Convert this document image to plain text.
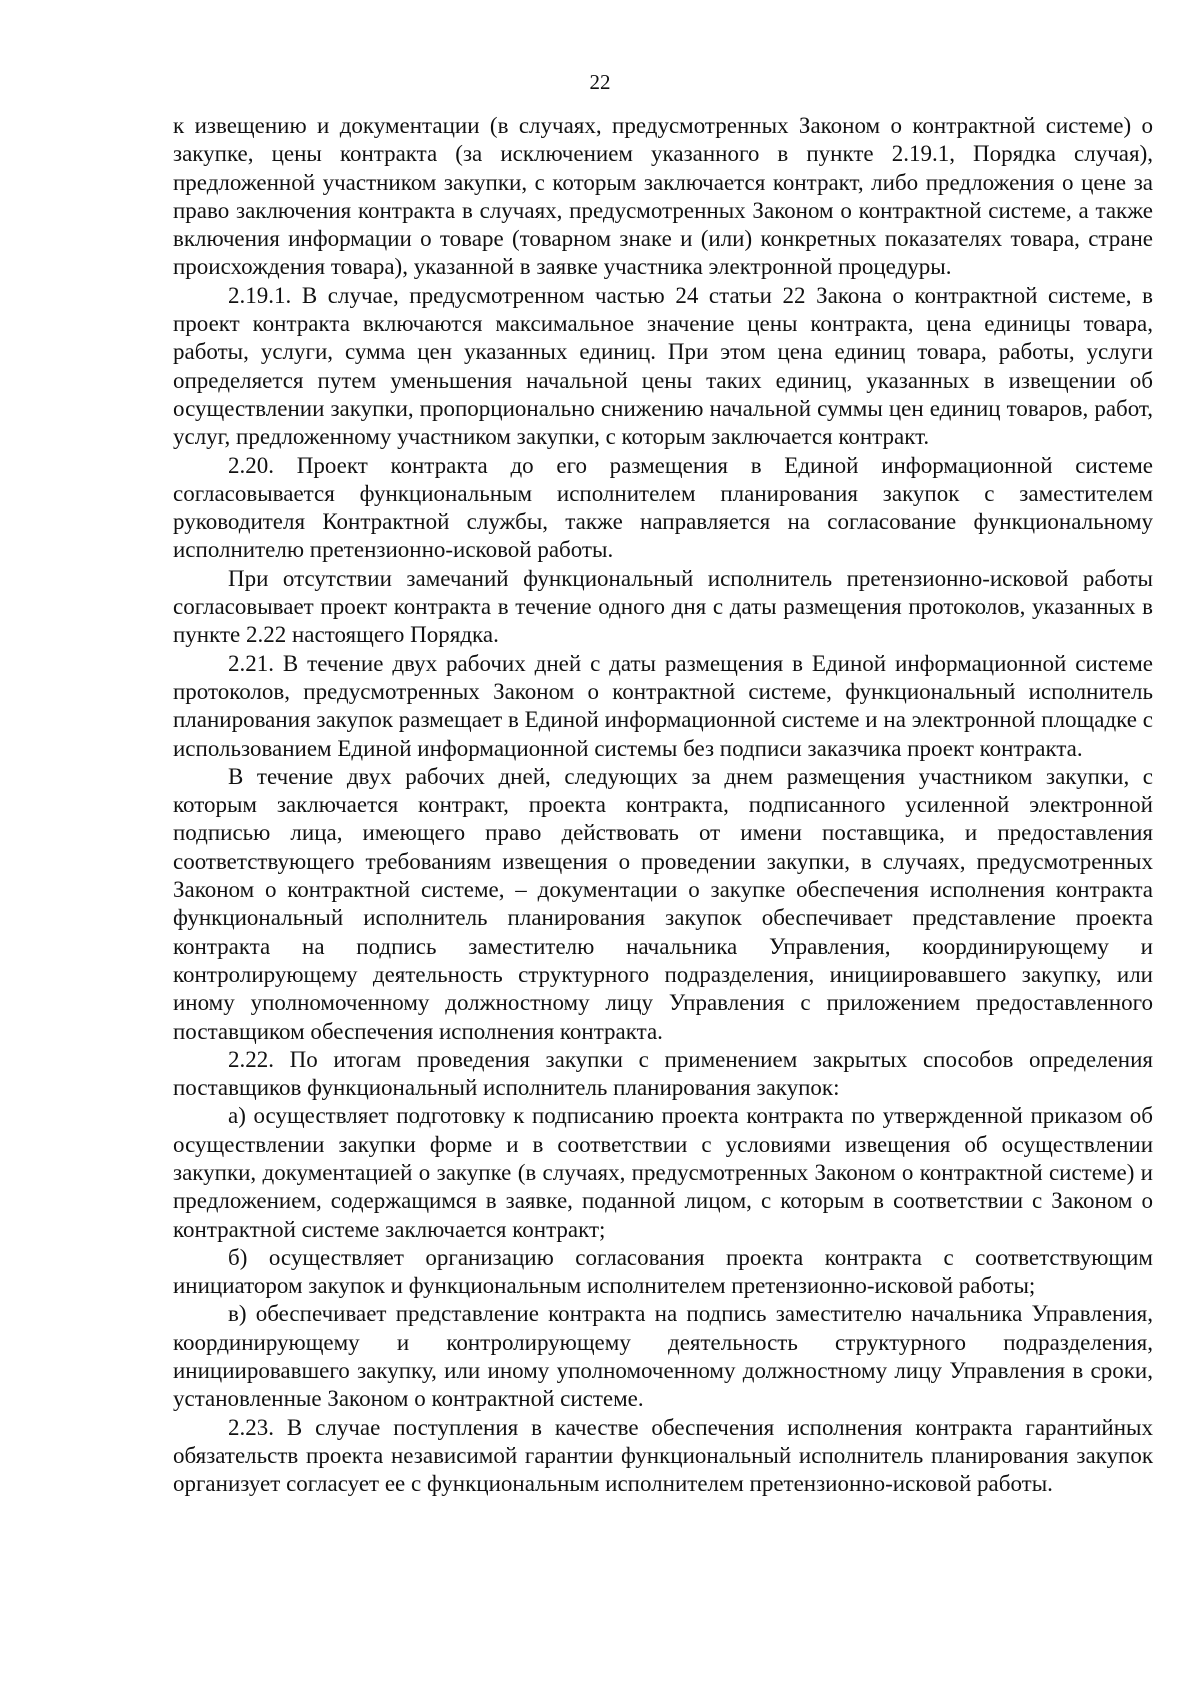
22

к извещению и документации (в случаях, предусмотренных Законом о контрактной системе) о закупке, цены контракта (за исключением указанного в пункте 2.19.1, Порядка случая), предложенной участником закупки, с которым заключается контракт, либо предложения о цене за право заключения контракта в случаях, предусмотренных Законом о контрактной системе, а также включения информации о товаре (товарном знаке и (или) конкретных показателях товара, стране происхождения товара), указанной в заявке участника электронной процедуры.

2.19.1. В случае, предусмотренном частью 24 статьи 22 Закона о контрактной системе, в проект контракта включаются максимальное значение цены контракта, цена единицы товара, работы, услуги, сумма цен указанных единиц. При этом цена единиц товара, работы, услуги определяется путем уменьшения начальной цены таких единиц, указанных в извещении об осуществлении закупки, пропорционально снижению начальной суммы цен единиц товаров, работ, услуг, предложенному участником закупки, с которым заключается контракт.

2.20. Проект контракта до его размещения в Единой информационной системе согласовывается функциональным исполнителем планирования закупок с заместителем руководителя Контрактной службы, также направляется на согласование функциональному исполнителю претензионно-исковой работы.

При отсутствии замечаний функциональный исполнитель претензионно-исковой работы согласовывает проект контракта в течение одного дня с даты размещения протоколов, указанных в пункте 2.22 настоящего Порядка.

2.21. В течение двух рабочих дней с даты размещения в Единой информационной системе протоколов, предусмотренных Законом о контрактной системе, функциональный исполнитель планирования закупок размещает в Единой информационной системе и на электронной площадке с использованием Единой информационной системы без подписи заказчика проект контракта.

В течение двух рабочих дней, следующих за днем размещения участником закупки, с которым заключается контракт, проекта контракта, подписанного усиленной электронной подписью лица, имеющего право действовать от имени поставщика, и предоставления соответствующего требованиям извещения о проведении закупки, в случаях, предусмотренных Законом о контрактной системе, – документации о закупке обеспечения исполнения контракта функциональный исполнитель планирования закупок обеспечивает представление проекта контракта на подпись заместителю начальника Управления, координирующему и контролирующему деятельность структурного подразделения, инициировавшего закупку, или иному уполномоченному должностному лицу Управления с приложением предоставленного поставщиком обеспечения исполнения контракта.

2.22. По итогам проведения закупки с применением закрытых способов определения поставщиков функциональный исполнитель планирования закупок:

а) осуществляет подготовку к подписанию проекта контракта по утвержденной приказом об осуществлении закупки форме и в соответствии с условиями извещения об осуществлении закупки, документацией о закупке (в случаях, предусмотренных Законом о контрактной системе) и предложением, содержащимся в заявке, поданной лицом, с которым в соответствии с Законом о контрактной системе заключается контракт;

б) осуществляет организацию согласования проекта контракта с соответствующим инициатором закупок и функциональным исполнителем претензионно-исковой работы;

в) обеспечивает представление контракта на подпись заместителю начальника Управления, координирующему и контролирующему деятельность структурного подразделения, инициировавшего закупку, или иному уполномоченному должностному лицу Управления в сроки, установленные Законом о контрактной системе.

2.23. В случае поступления в качестве обеспечения исполнения контракта гарантийных обязательств проекта независимой гарантии функциональный исполнитель планирования закупок организует согласует ее с функциональным исполнителем претензионно-исковой работы.
